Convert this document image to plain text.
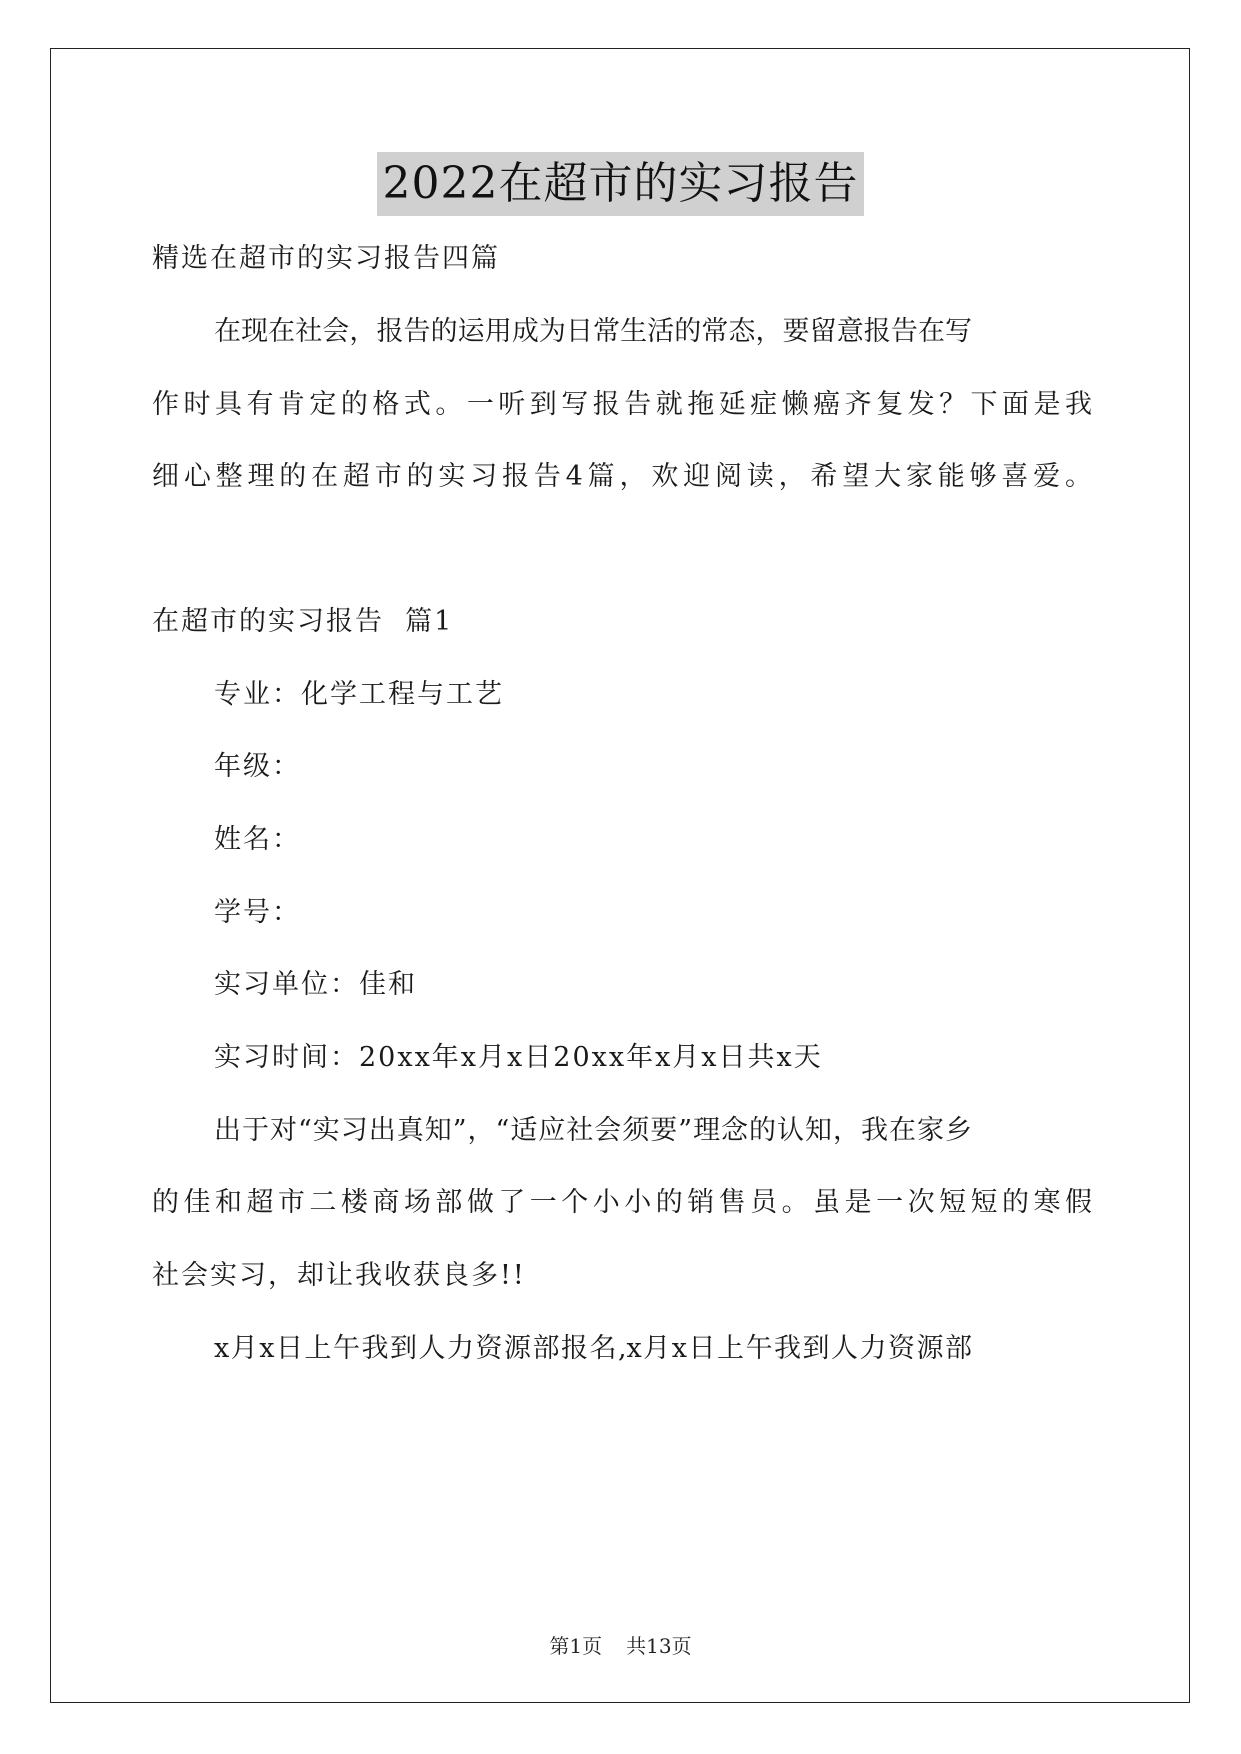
2022在超市的实习报告

精选在超市的实习报告四篇

在现在社会，报告的运用成为日常生活的常态，要留意报告在写

作时具有肯定的格式。一听到写报告就拖延症懒癌齐复发？下面是我

细心整理的在超市的实习报告4篇，欢迎阅读，希望大家能够喜爱。

在超市的实习报告  篇1

专业：化学工程与工艺

年级：

姓名：

学号：

实习单位：佳和

实习时间：20xx年x月x日20xx年x月x日共x天

出于对“实习出真知”，“适应社会须要”理念的认知，我在家乡

的佳和超市二楼商场部做了一个小小的销售员。虽是一次短短的寒假

社会实习，却让我收获良多!!

x月x日上午我到人力资源部报名,x月x日上午我到人力资源部

第1页 共13页
